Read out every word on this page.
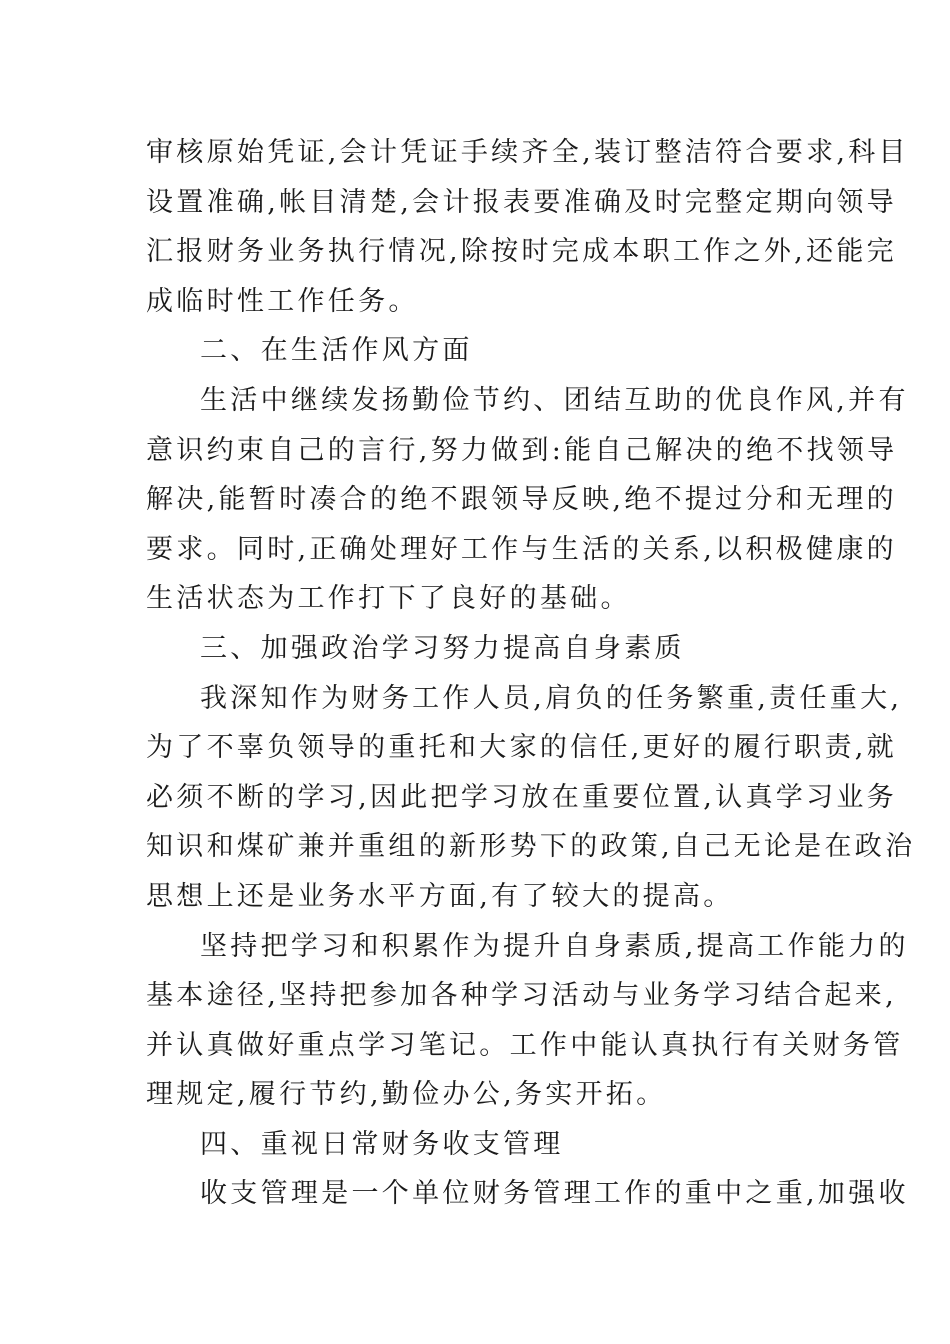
审核原始凭证,会计凭证手续齐全,装订整洁符合要求,科目
设置准确,帐目清楚,会计报表要准确及时完整定期向领导
汇报财务业务执行情况,除按时完成本职工作之外,还能完
成临时性工作任务。
二、在生活作风方面
生活中继续发扬勤俭节约、团结互助的优良作风,并有
意识约束自己的言行,努力做到:能自己解决的绝不找领导
解决,能暂时凑合的绝不跟领导反映,绝不提过分和无理的
要求。同时,正确处理好工作与生活的关系,以积极健康的
生活状态为工作打下了良好的基础。
三、加强政治学习努力提高自身素质
我深知作为财务工作人员,肩负的任务繁重,责任重大,
为了不辜负领导的重托和大家的信任,更好的履行职责,就
必须不断的学习,因此把学习放在重要位置,认真学习业务
知识和煤矿兼并重组的新形势下的政策,自己无论是在政治
思想上还是业务水平方面,有了较大的提高。
坚持把学习和积累作为提升自身素质,提高工作能力的
基本途径,坚持把参加各种学习活动与业务学习结合起来,
并认真做好重点学习笔记。工作中能认真执行有关财务管
理规定,履行节约,勤俭办公,务实开拓。
四、重视日常财务收支管理
收支管理是一个单位财务管理工作的重中之重,加强收
